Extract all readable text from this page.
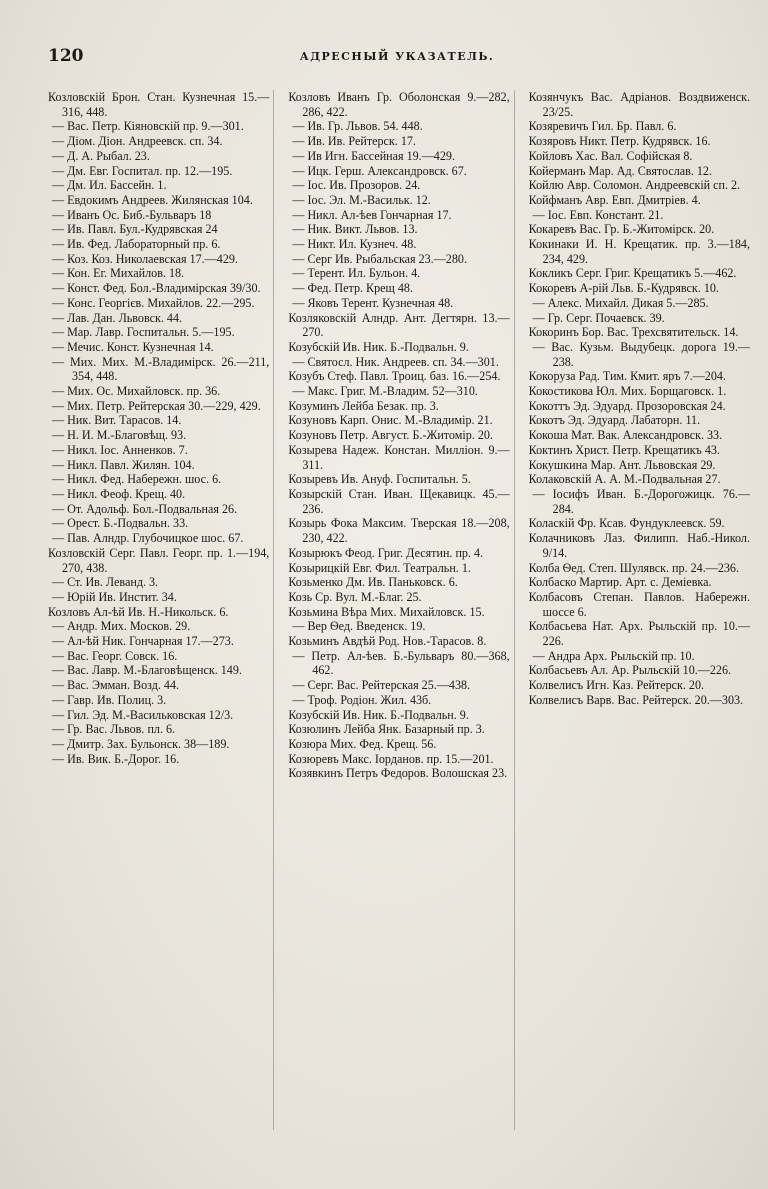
120	АДРЕСНЫЙ УКАЗАТЕЛЬ.

Козловскій Брон. Стан. Кузнечная 15.—316, 448.

— Вас. Петр. Кіяновскій пр. 9.—301.

— Діом. Діон. Андреевск. сп. 34.

— Д. А. Рыбал. 23.

— Дм. Евг. Госпитал. пр. 12.—195.

— Дм. Ил. Бассейн. 1.

— Евдокимъ Андреев. Жилянская 104.

— Иванъ Ос. Биб.-Бульваръ 18

— Ив. Павл. Бул.-Кудрявская 24

— Ив. Фед. Лабораторный пр. 6.

— Коз. Коз. Николаевская 17.—429.

— Кон. Ег. Михайлов. 18.

— Конст. Фед. Бол.-Владимірская 39/30.

— Конс. Георгієв. Михайлов. 22.—295.

— Лав. Дан. Львовск. 44.

— Мар. Лавр. Госпитальн. 5.—195.

— Мечис. Конст. Кузнечная 14.

— Мих. Мих. М.-Владимірск. 26.—211, 354, 448.

— Мих. Ос. Михайловск. пр. 36.

— Мих. Петр. Рейтерская 30.—229, 429.

— Ник. Вит. Тарасов. 14.

— Н. И. М.-Благовѣщ. 93.

— Никл. Іос. Анненков. 7.

— Никл. Павл. Жилян. 104.

— Никл. Фед. Набережн. шос. 6.

— Никл. Феоф. Крещ. 40.

— От. Адольф. Бол.-Подвальная 26.

— Орест. Б.-Подвальн. 33.

— Пав. Алндр. Глубочицкое шос. 67.

Козловскій Серг. Павл. Георг. пр. 1.—194, 270, 438.

— Ст. Ив. Леванд. 3.

— Юрій Ив. Инстит. 34.

Козловъ Ал-ѣй Ив. Н.-Никольск. 6.

— Андр. Мих. Москов. 29.

— Ал-ѣй Ник. Гончарная 17.—273.

— Вас. Георг. Совск. 16.

— Вас. Лавр. М.-Благовѣщенск. 149.

— Вас. Эмман. Возд. 44.

— Гавр. Ив. Полиц. 3.

— Гил. Эд. М.-Васильковская 12/3.

— Гр. Вас. Львов. пл. 6.

— Дмитр. Зах. Бульонск. 38—189.

— Ив. Вик. Б.-Дорог. 16.

Козловъ Иванъ Гр. Оболонская 9.—282, 286, 422.

— Ив. Гр. Львов. 54. 448.

— Ив. Ив. Рейтерск. 17.

— Ив Игн. Бассейная 19.—429.

— Ицк. Герш. Александровск. 67.

— Іос. Ив. Прозоров. 24.

— Іос. Эл. М.-Васильк. 12.

— Никл. Ал-ѣев Гончарная 17.

— Ник. Викт. Львов. 13.

— Никт. Ил. Кузнеч. 48.

— Серг Ив. Рыбальская 23.—280.

— Терент. Ил. Бульон. 4.

— Фед. Петр. Крещ 48.

— Яковъ Терент. Кузнечная 48.

Козляковскій Алндр. Ант. Дегтярн. 13.—270.

Козубскій Ив. Ник. Б.-Подвальн. 9.

— Святосл. Ник. Андреев. сп. 34.—301.

Козубъ Стеф. Павл. Троиц. баз. 16.—254.

— Макс. Григ. М.-Владим. 52—310.

Козуминъ Лейба Безак. пр. 3.

Козуновъ Карп. Онис. М.-Владимір. 21.

Козуновъ Петр. Август. Б.-Житомір. 20.

Козырева Надеж. Констан. Милліон. 9.—311.

Козыревъ Ив. Ануф. Госпитальн. 5.

Козырскій Стан. Иван. Щекавицк. 45.—236.

Козырь Фока Максим. Тверская 18.—208, 230, 422.

Козырюкъ Феод. Григ. Десятин. пр. 4.

Козырицкій Евг. Фил. Театральн. 1.

Козьменко Дм. Ив. Паньковск. 6.

Козь Ср. Вул. М.-Благ. 25.

Козьмина Вѣра Мих. Михайловск. 15.

— Вер Ѳед. Введенск. 19.

Козьминъ Авдѣй Род. Нов.-Тарасов. 8.

— Петр. Ал-ѣев. Б.-Бульваръ 80.—368, 462.

— Серг. Вас. Рейтерская 25.—438.

— Троф. Родіон. Жил. 43б.

Козубскій Ив. Ник. Б.-Подвальн. 9.

Козюлинъ Лейба Янк. Базарный пр. 3.

Козюра Мих. Фед. Крещ. 56.

Козюревъ Макс. Іорданов. пр. 15.—201.

Козявкинъ Петръ Федоров. Волошская 23.

Козянчукъ Вас. Адріанов. Воздвиженск. 23/25.

Козяревичъ Гил. Бр. Павл. 6.

Козяровъ Никт. Петр. Кудрявск. 16.

Койловъ Хас. Вал. Софійская 8.

Койерманъ Мар. Ад. Святослав. 12.

Койлю Авр. Соломон. Андреевскій сп. 2.

Койфманъ Авр. Евп. Дмитріев. 4.

— Іос. Евп. Констант. 21.

Кокаревъ Вас. Гр. Б.-Житомірск. 20.

Кокинаки И. Н. Крещатик. пр. 3.—184, 234, 429.

Кокликъ Серг. Григ. Крещатикъ 5.—462.

Кокоревъ А-рій Льв. Б.-Кудрявск. 10.

— Алекс. Михайл. Дикая 5.—285.

— Гр. Серг. Почаевск. 39.

Кокоринъ Бор. Вас. Трехсвятительск. 14.

— Вас. Кузьм. Выдубецк. дорога 19.—238.

Кокоруза Рад. Тим. Кмит. яръ 7.—204.

Кокостикова Юл. Мих. Борщаговск. 1.

Кокоттъ Эд. Эдуард. Прозоровская 24.

Кокотъ Эд. Эдуард. Лабаторн. 11.

Кокоша Мат. Вак. Александровск. 33.

Коктинъ Христ. Петр. Крещатикъ 43.

Кокушкина Мар. Ант. Львовская 29.

Колаковскій А. А. М.-Подвальная 27.

— Іосифъ Иван. Б.-Дорогожицк. 76.—284.

Коласкій Фр. Ксав. Фундуклеевск. 59.

Колачниковъ Лаз. Филипп. Наб.-Никол. 9/14.

Колба Ѳед. Степ. Шулявск. пр. 24.—236.

Колбаско Мартир. Арт. с. Деміевка.

Колбасовъ Степан. Павлов. Набережн. шоссе 6.

Колбасьева Нат. Арх. Рыльскій пр. 10.—226.

— Андра Арх. Рыльскій пр. 10.

Колбасьевъ Ал. Ар. Рыльскій 10.—226.

Колвелисъ Игн. Каз. Рейтерск. 20.

Колвелисъ Варв. Вас. Рейтерск. 20.—303.
